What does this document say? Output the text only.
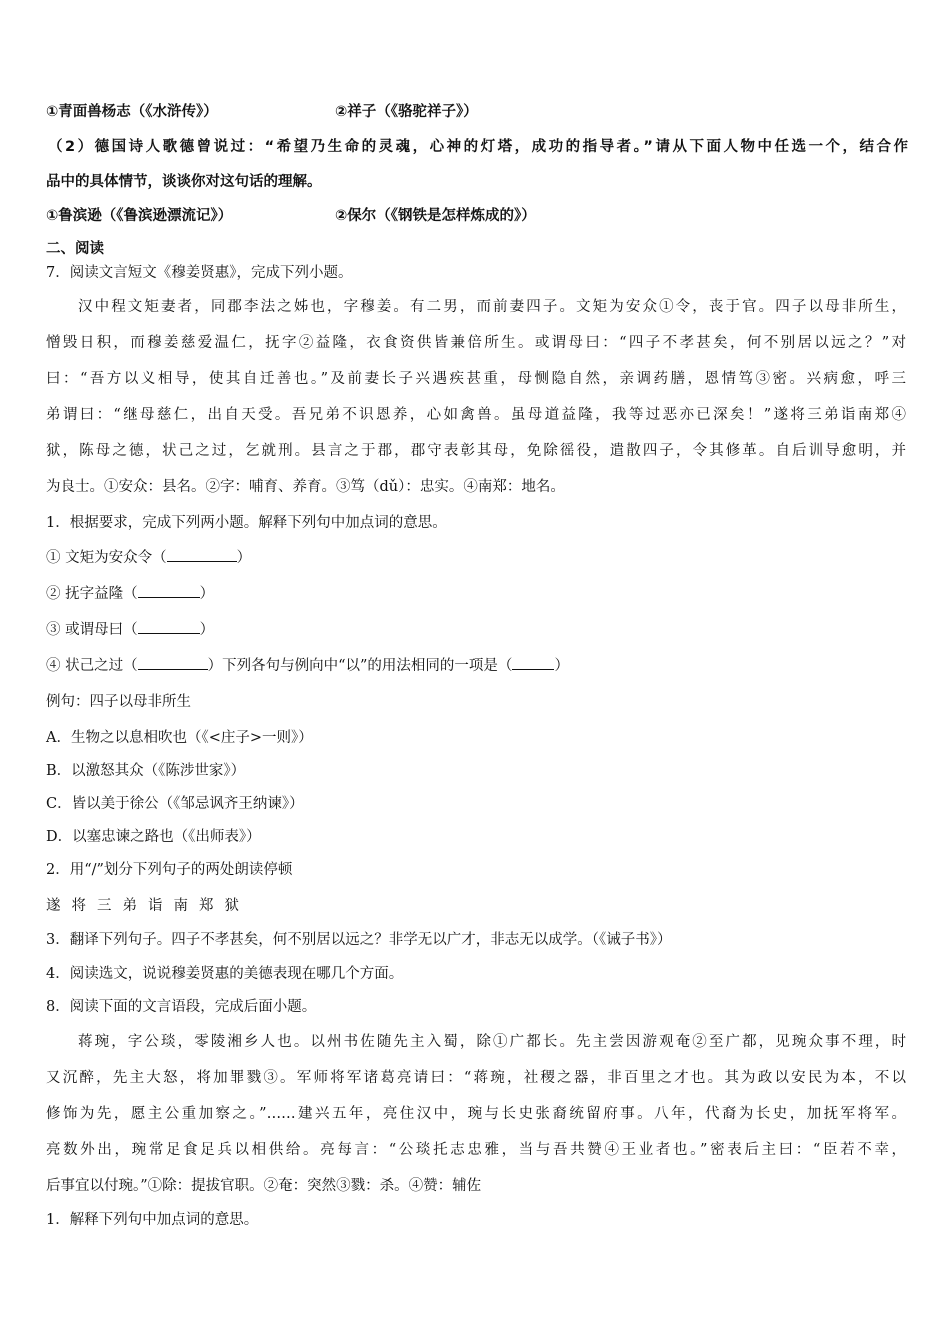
①青面兽杨志（《水浒传》）	②祥子（《骆驼祥子》）
（2）德国诗人歌德曾说过：“希望乃生命的灵魂，心神的灯塔，成功的指导者。”请从下面人物中任选一个，结合作
品中的具体情节，谈谈你对这句话的理解。
①鲁滨逊（《鲁滨逊漂流记》）	②保尔（《钢铁是怎样炼成的》）
二、阅读
7．阅读文言短文《穆姜贤惠》，完成下列小题。
汉中程文矩妻者，同郡李法之姊也，字穆姜。有二男，而前妻四子。文矩为安众①令，丧于官。四子以母非所生，
憎毁日积，而穆姜慈爱温仁，抚字②益隆，衣食资供皆兼倍所生。或谓母曰：“四子不孝甚矣，何不别居以远之？”对
曰：“吾方以义相导，使其自迁善也。”及前妻长子兴遇疾甚重，母恻隐自然，亲调药膳，恩情笃③密。兴病愈，呼三
弟谓曰：“继母慈仁，出自天受。吾兄弟不识恩养，心如禽兽。虽母道益隆，我等过恶亦已深矣！”遂将三弟诣南郑④
狱，陈母之德，状己之过，乞就刑。县言之于郡，郡守表彰其母，免除徭役，遣散四子，令其修革。自后训导愈明，并
为良士。①安众：县名。②字：哺育、养育。③笃（dǔ）：忠实。④南郑：地名。
1．根据要求，完成下列两小题。解释下列句中加点词的意思。
① 文矩为安众令（	）
② 抚字益隆（	）
③ 或谓母曰（	）
④ 状己之过（	）下列各句与例向中“以”的用法相同的一项是（	）
例句：四子以母非所生
A．生物之以息相吹也（《<庄子>一则》）
B．以激怒其众（《陈涉世家》）
C．皆以美于徐公（《邹忌讽齐王纳谏》）
D．以塞忠谏之路也（《出师表》）
2．用“/”划分下列句子的两处朗读停顿
遂将三弟诣南郑狱
3．翻译下列句子。四子不孝甚矣，何不别居以远之？非学无以广才，非志无以成学。（《诫子书》）
4．阅读选文，说说穆姜贤惠的美德表现在哪几个方面。
8．阅读下面的文言语段，完成后面小题。
蒋琬，字公琰，零陵湘乡人也。以州书佐随先主入蜀，除①广都长。先主尝因游观奄②至广都，见琬众事不理，时
又沉醉，先主大怒，将加罪戮③。军师将军诸葛亮请曰：“蒋琬，社稷之器，非百里之才也。其为政以安民为本，不以
修饰为先，愿主公重加察之。”……建兴五年，亮住汉中，琬与长史张裔统留府事。八年，代裔为长史，加抚军将军。
亮数外出，琬常足食足兵以相供给。亮每言：“公琰托志忠雅，当与吾共赞④王业者也。”密表后主曰：“臣若不幸，
后事宜以付琬。”①除：提拔官职。②奄：突然③戮：杀。④赞：辅佐
1．解释下列句中加点词的意思。
